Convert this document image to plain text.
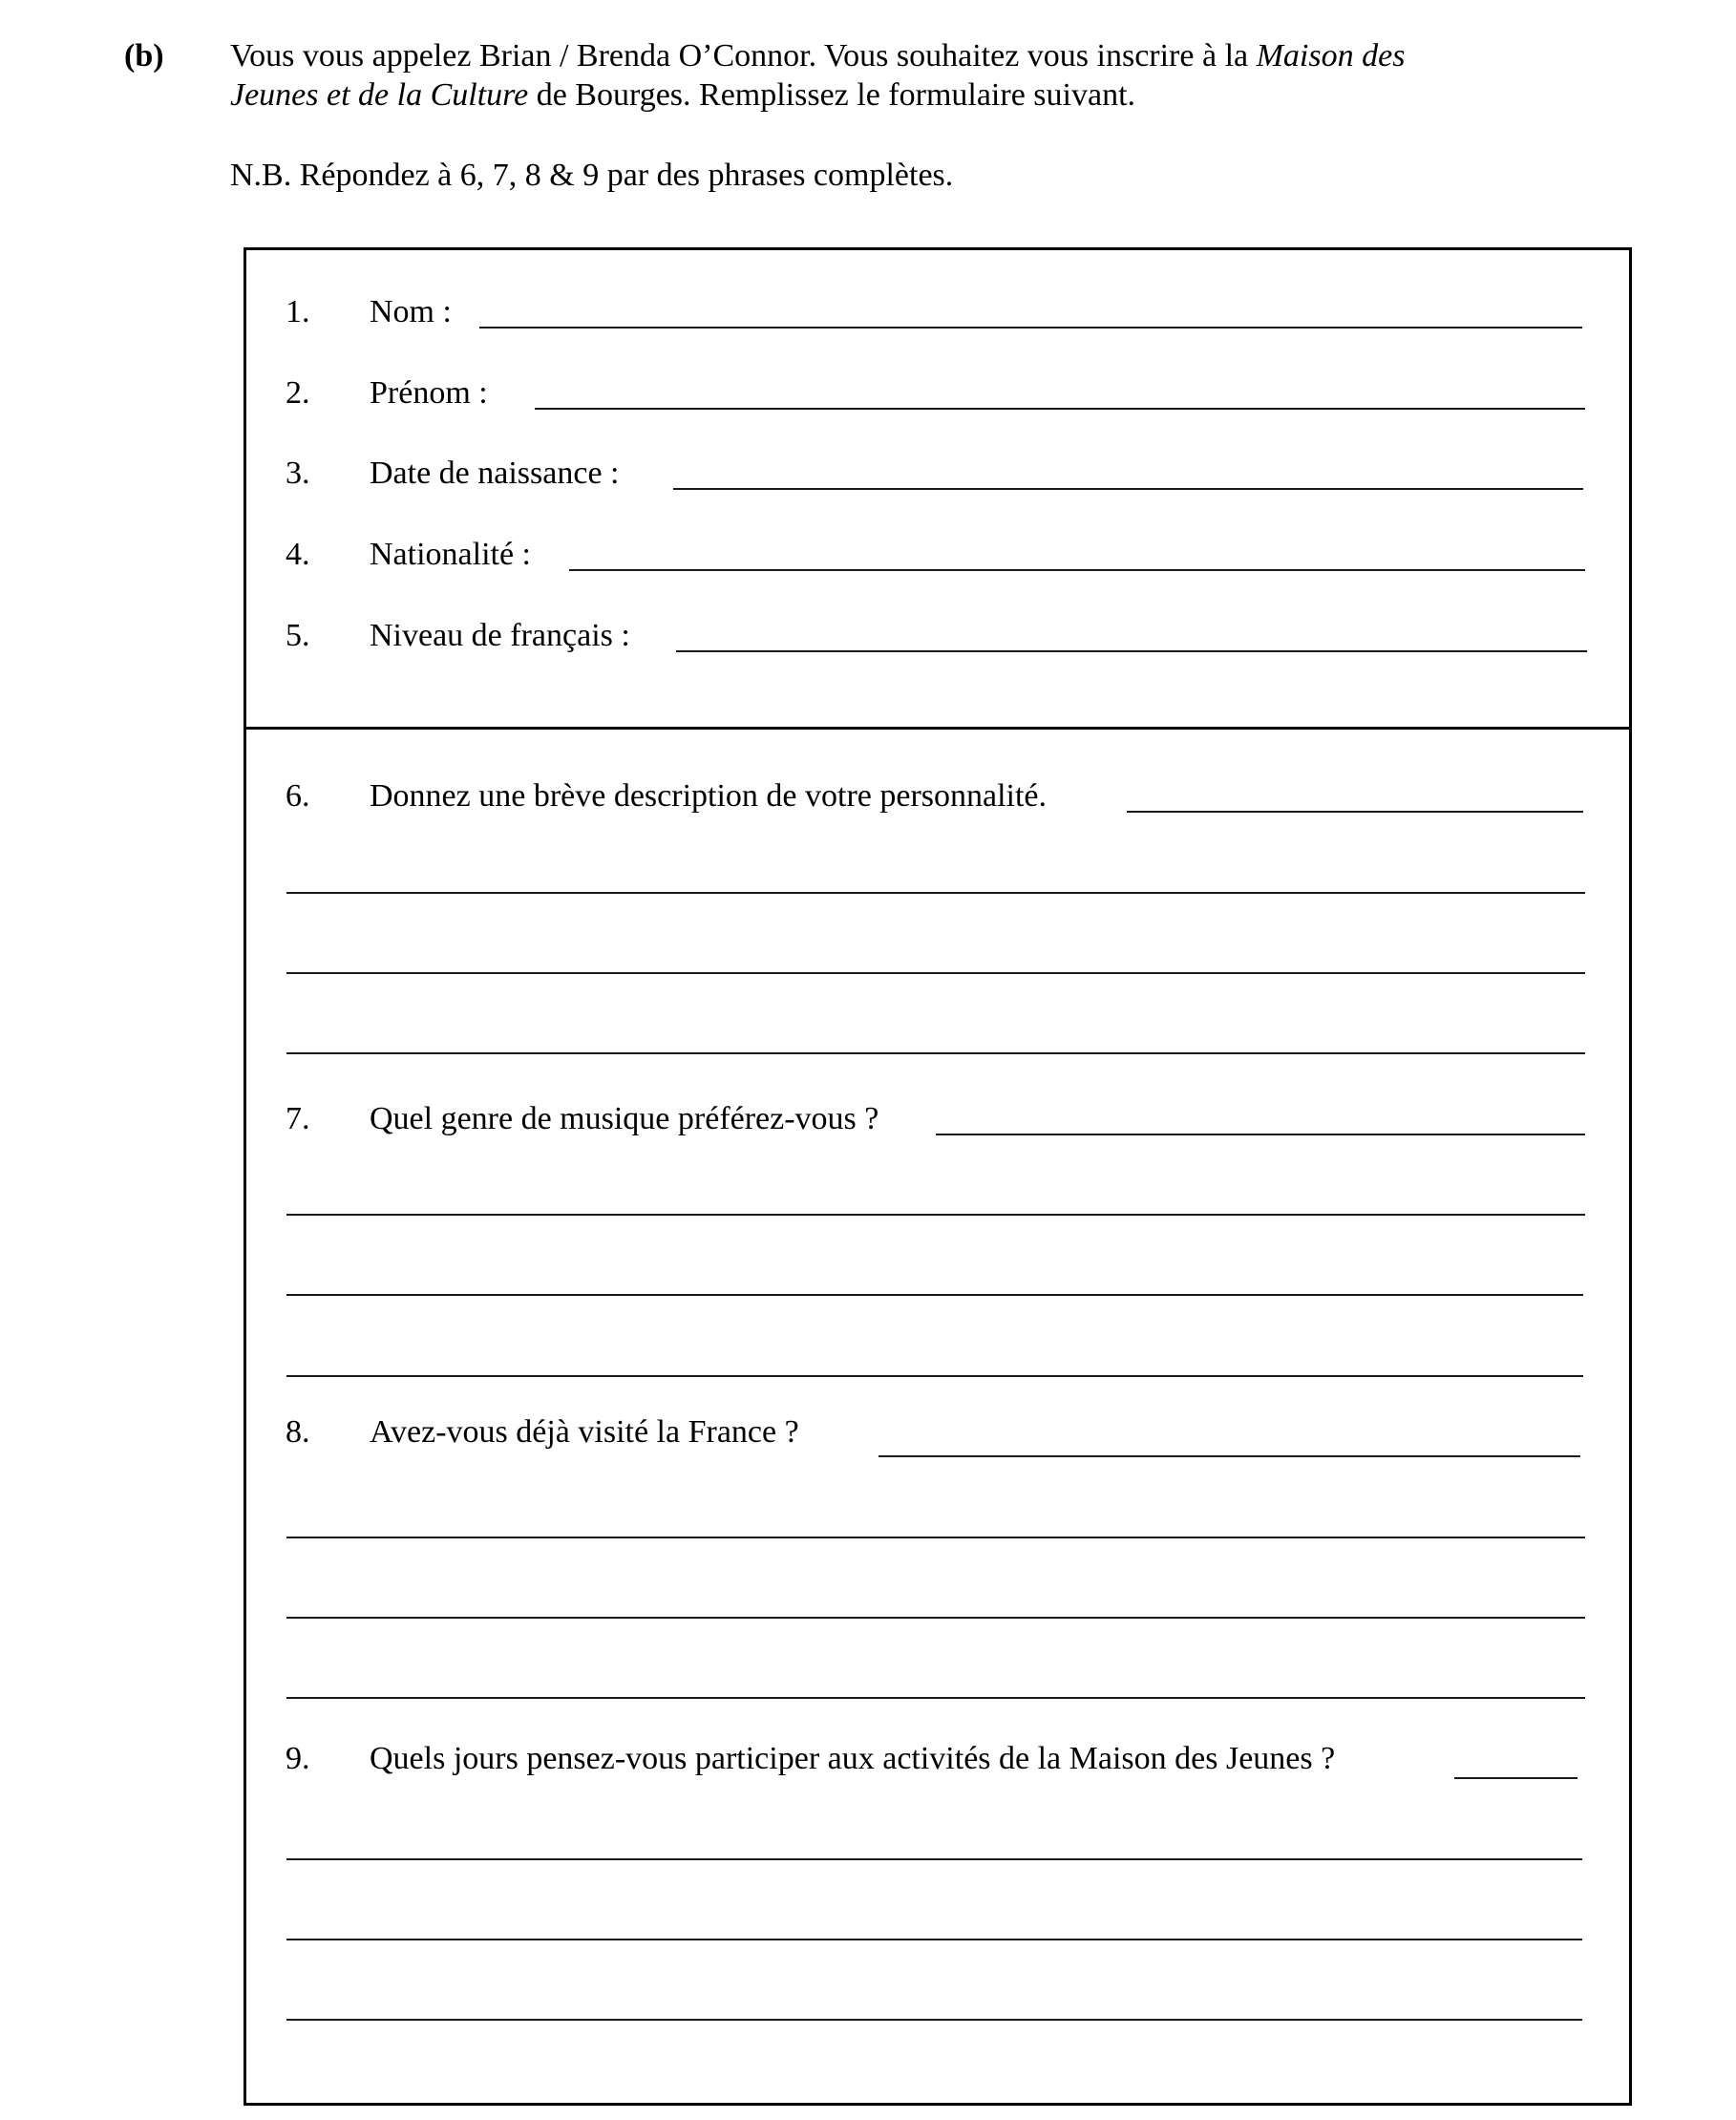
(b) Vous vous appelez Brian / Brenda O’Connor. Vous souhaitez vous inscrire à la Maison des
Jeunes et de la Culture de Bourges. Remplissez le formulaire suivant.
N.B. Répondez à 6, 7, 8 & 9 par des phrases complètes.
1. Nom :
2. Prénom :
3. Date de naissance :
4. Nationalité :
5. Niveau de français :
6. Donnez une brève description de votre personnalité.
7. Quel genre de musique préférez-vous ?
8. Avez-vous déjà visité la France ?
9. Quels jours pensez-vous participer aux activités de la Maison des Jeunes ?
